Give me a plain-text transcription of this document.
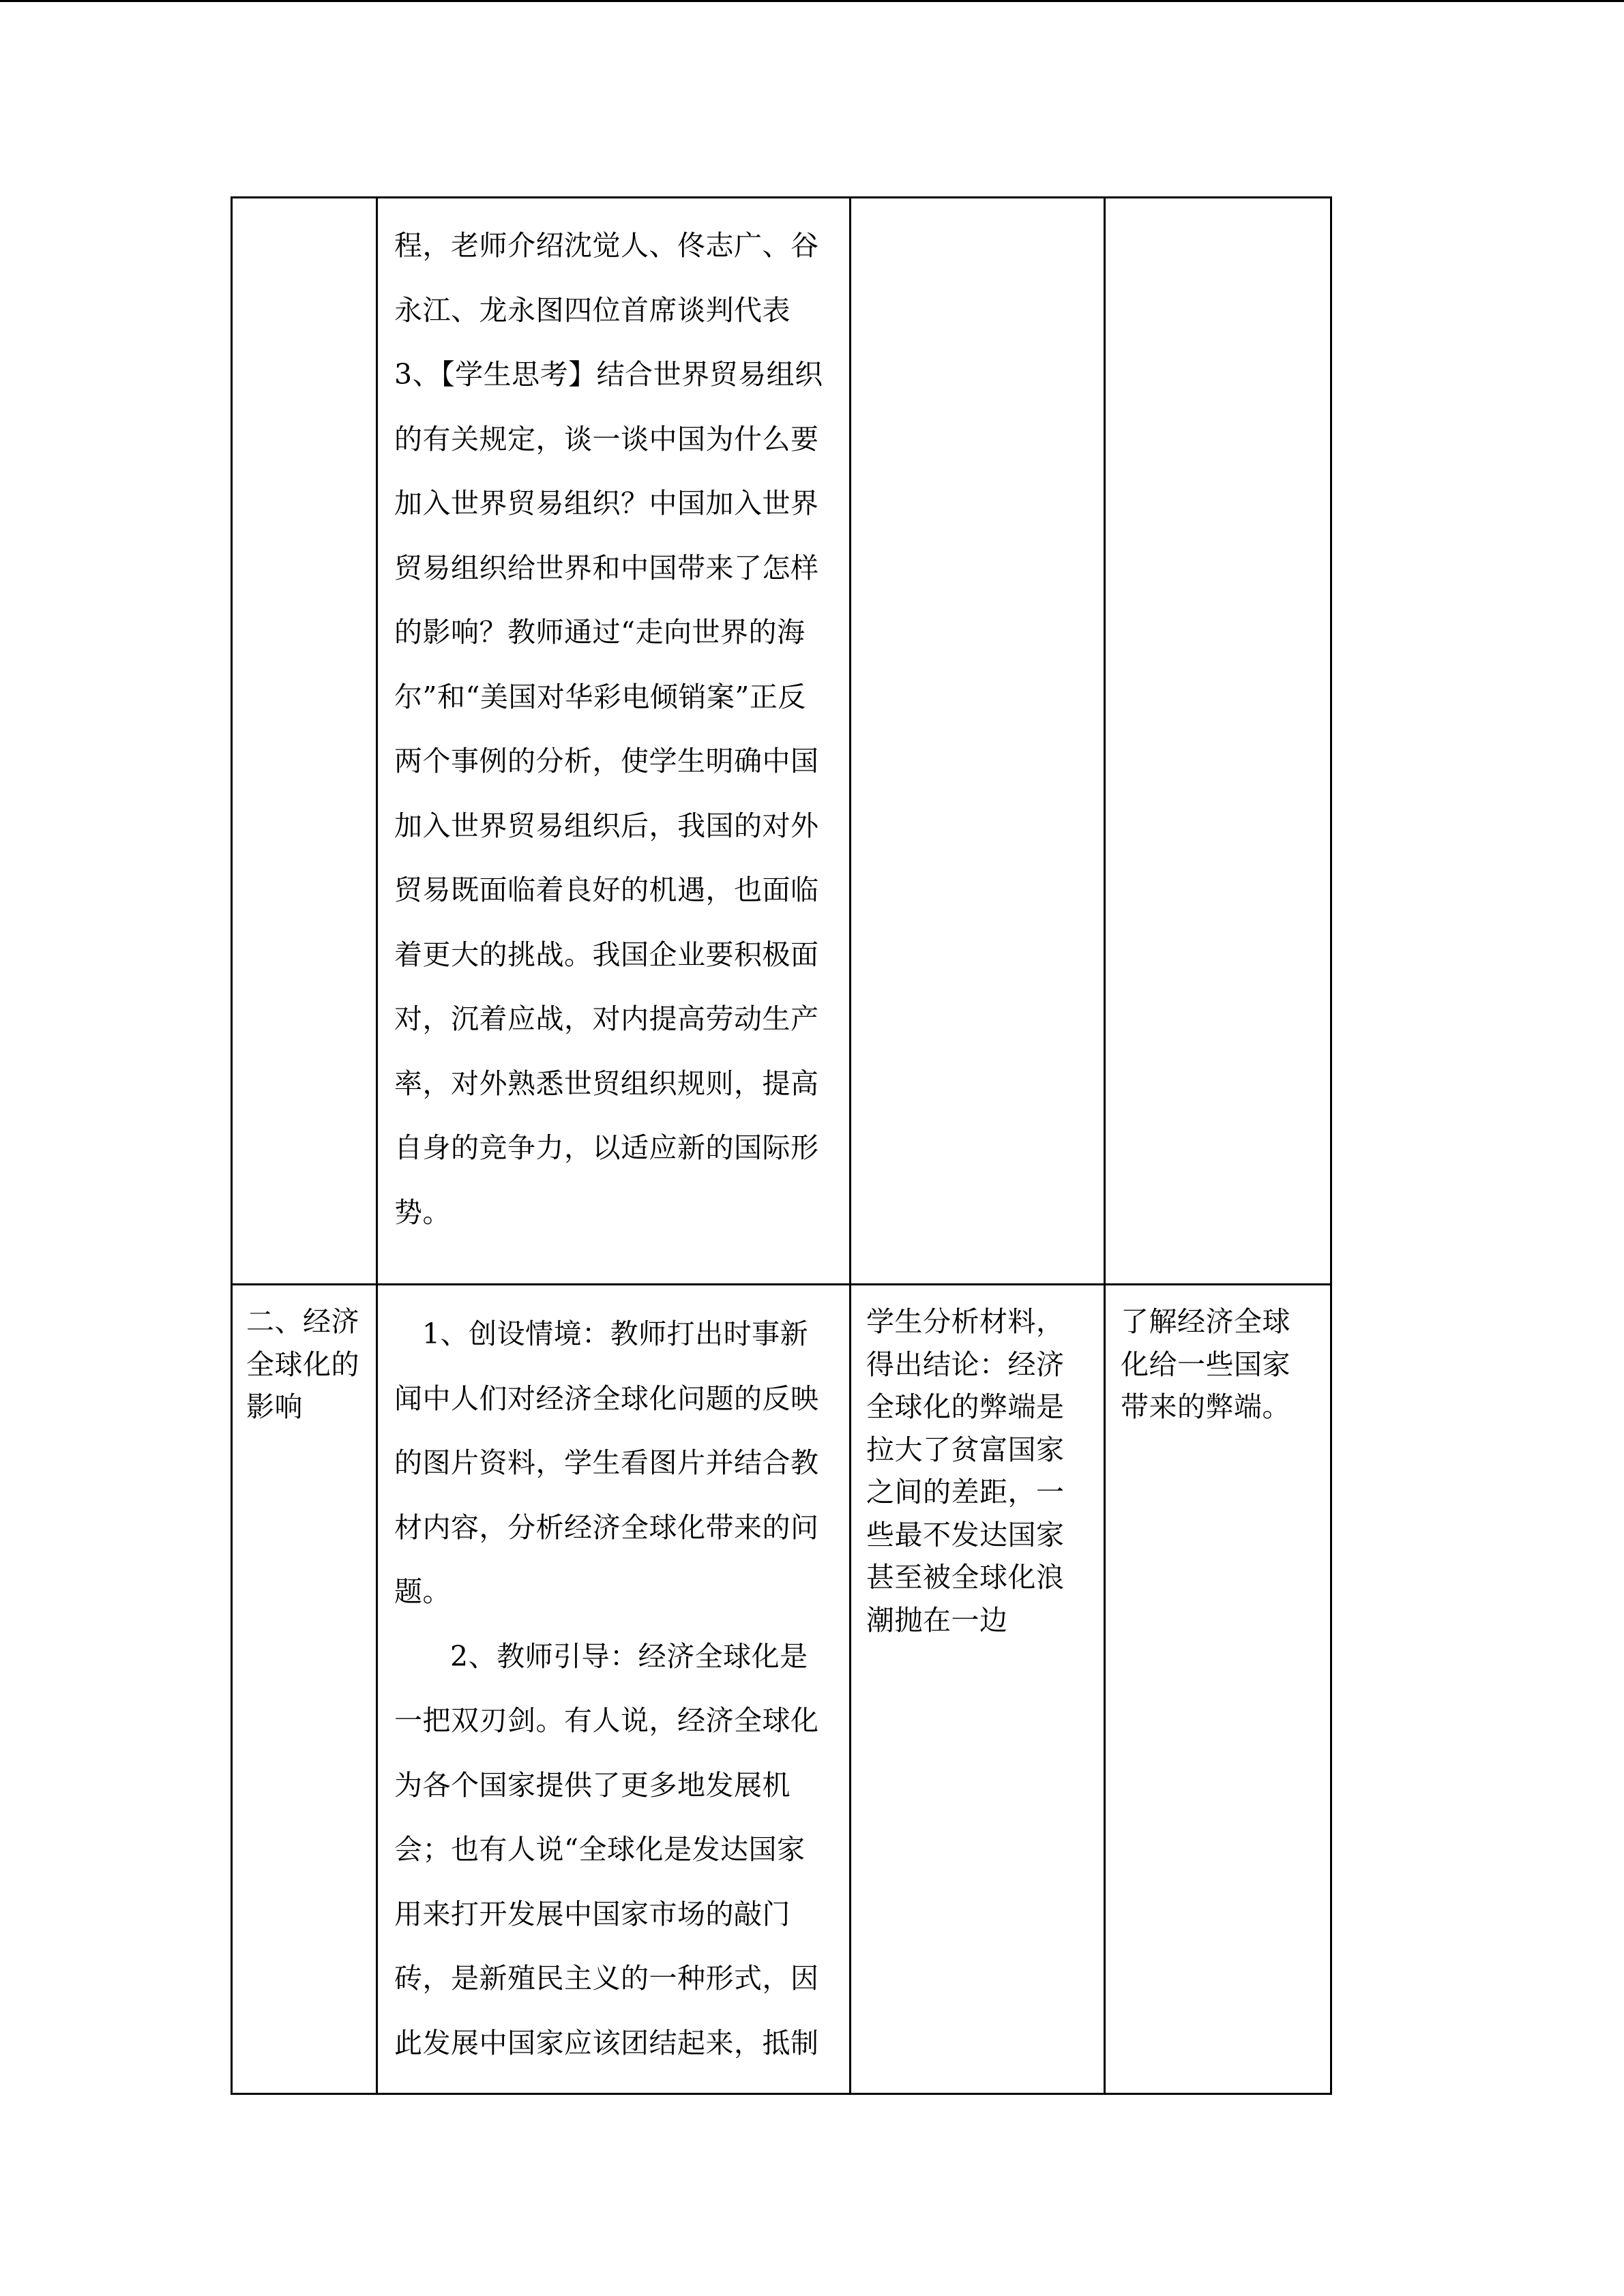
	程，老师介绍沈觉人、佟志广、谷永江、龙永图四位首席谈判代表

3、【学生思考】结合世界贸易组织的有关规定，谈一谈中国为什么要加入世界贸易组织？中国加入世界贸易组织给世界和中国带来了怎样的影响？教师通过“走向世界的海尔”和“美国对华彩电倾销案”正反两个事例的分析，使学生明确中国加入世界贸易组织后，我国的对外贸易既面临着良好的机遇，也面临着更大的挑战。我国企业要积极面对，沉着应战，对内提高劳动生产率，对外熟悉世贸组织规则，提高自身的竞争力，以适应新的国际形势。		

二、经济全球化的影响	1、创设情境：教师打出时事新闻中人们对经济全球化问题的反映的图片资料，学生看图片并结合教材内容，分析经济全球化带来的问题。

2、教师引导：经济全球化是一把双刃剑。有人说，经济全球化为各个国家提供了更多地发展机会；也有人说“全球化是发达国家用来打开发展中国家市场的敲门砖，是新殖民主义的一种形式，因此发展中国家应该团结起来，抵制	学生分析材料，得出结论：经济全球化的弊端是拉大了贫富国家之间的差距，一些最不发达国家甚至被全球化浪潮抛在一边	了解经济全球化给一些国家带来的弊端。
